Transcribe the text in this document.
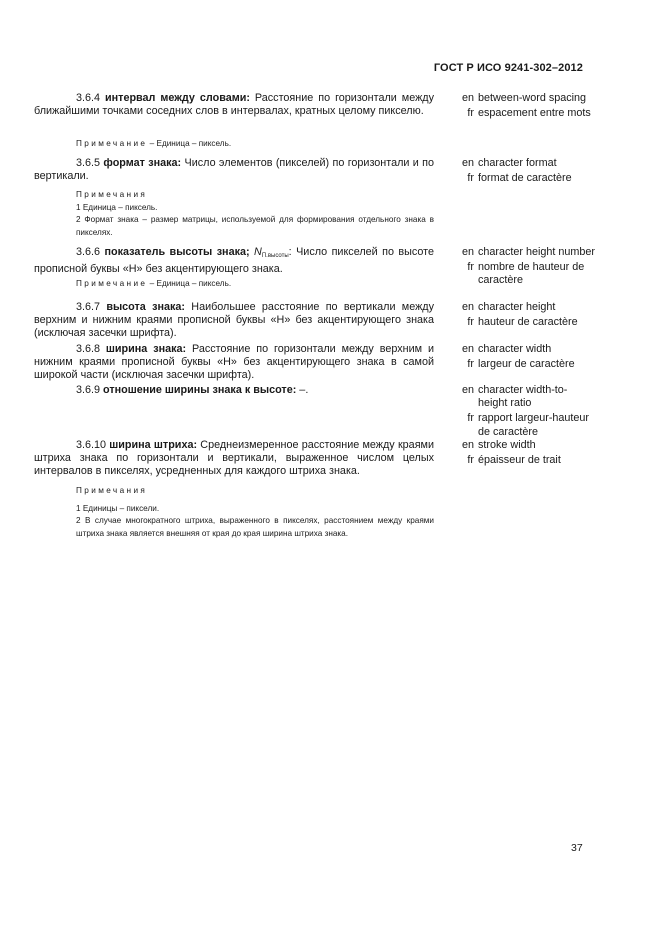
ГОСТ Р ИСО 9241-302–2012
3.6.4 интервал между словами: Расстояние по горизонтали между ближайшими точками соседних слов в интервалах, кратных целому пикселю.
Примечание – Единица – пиксель.
en between-word spacing
fr espacement entre mots
3.6.5 формат знака: Число элементов (пикселей) по горизонтали и по вертикали.
Примечания
1 Единица – пиксель.
2 Формат знака – размер матрицы, используемой для формирования отдельного знака в пикселях.
en character format
fr format de caractère
3.6.6 показатель высоты знака; $N_{П.высоты}$: Число пикселей по высоте прописной буквы «H» без акцентирующего знака.
Примечание – Единица – пиксель.
en character height number
fr nombre de hauteur de caractère
3.6.7 высота знака: Наибольшее расстояние по вертикали между верхним и нижним краями прописной буквы «H» без акцентирующего знака (исключая засечки шрифта).
en character height
fr hauteur de caractère
3.6.8 ширина знака: Расстояние по горизонтали между верхним и нижним краями прописной буквы «H» без акцентирующего знака в самой широкой части (исключая засечки шрифта).
en character width
fr largeur de caractère
3.6.9 отношение ширины знака к высоте: –.	en character width-to-height ratio
fr rapport largeur-hauteur de caractère
3.6.10 ширина штриха: Среднеизмеренное расстояние между краями штриха знака по горизонтали и вертикали, выраженное числом целых интервалов в пикселях, усредненных для каждого штриха знака.
Примечания
1 Единицы – пиксели.
2 В случае многократного штриха, выраженного в пикселях, расстоянием между краями штриха знака является внешняя от края до края ширина штриха знака.
en stroke width
fr épaisseur de trait
37
